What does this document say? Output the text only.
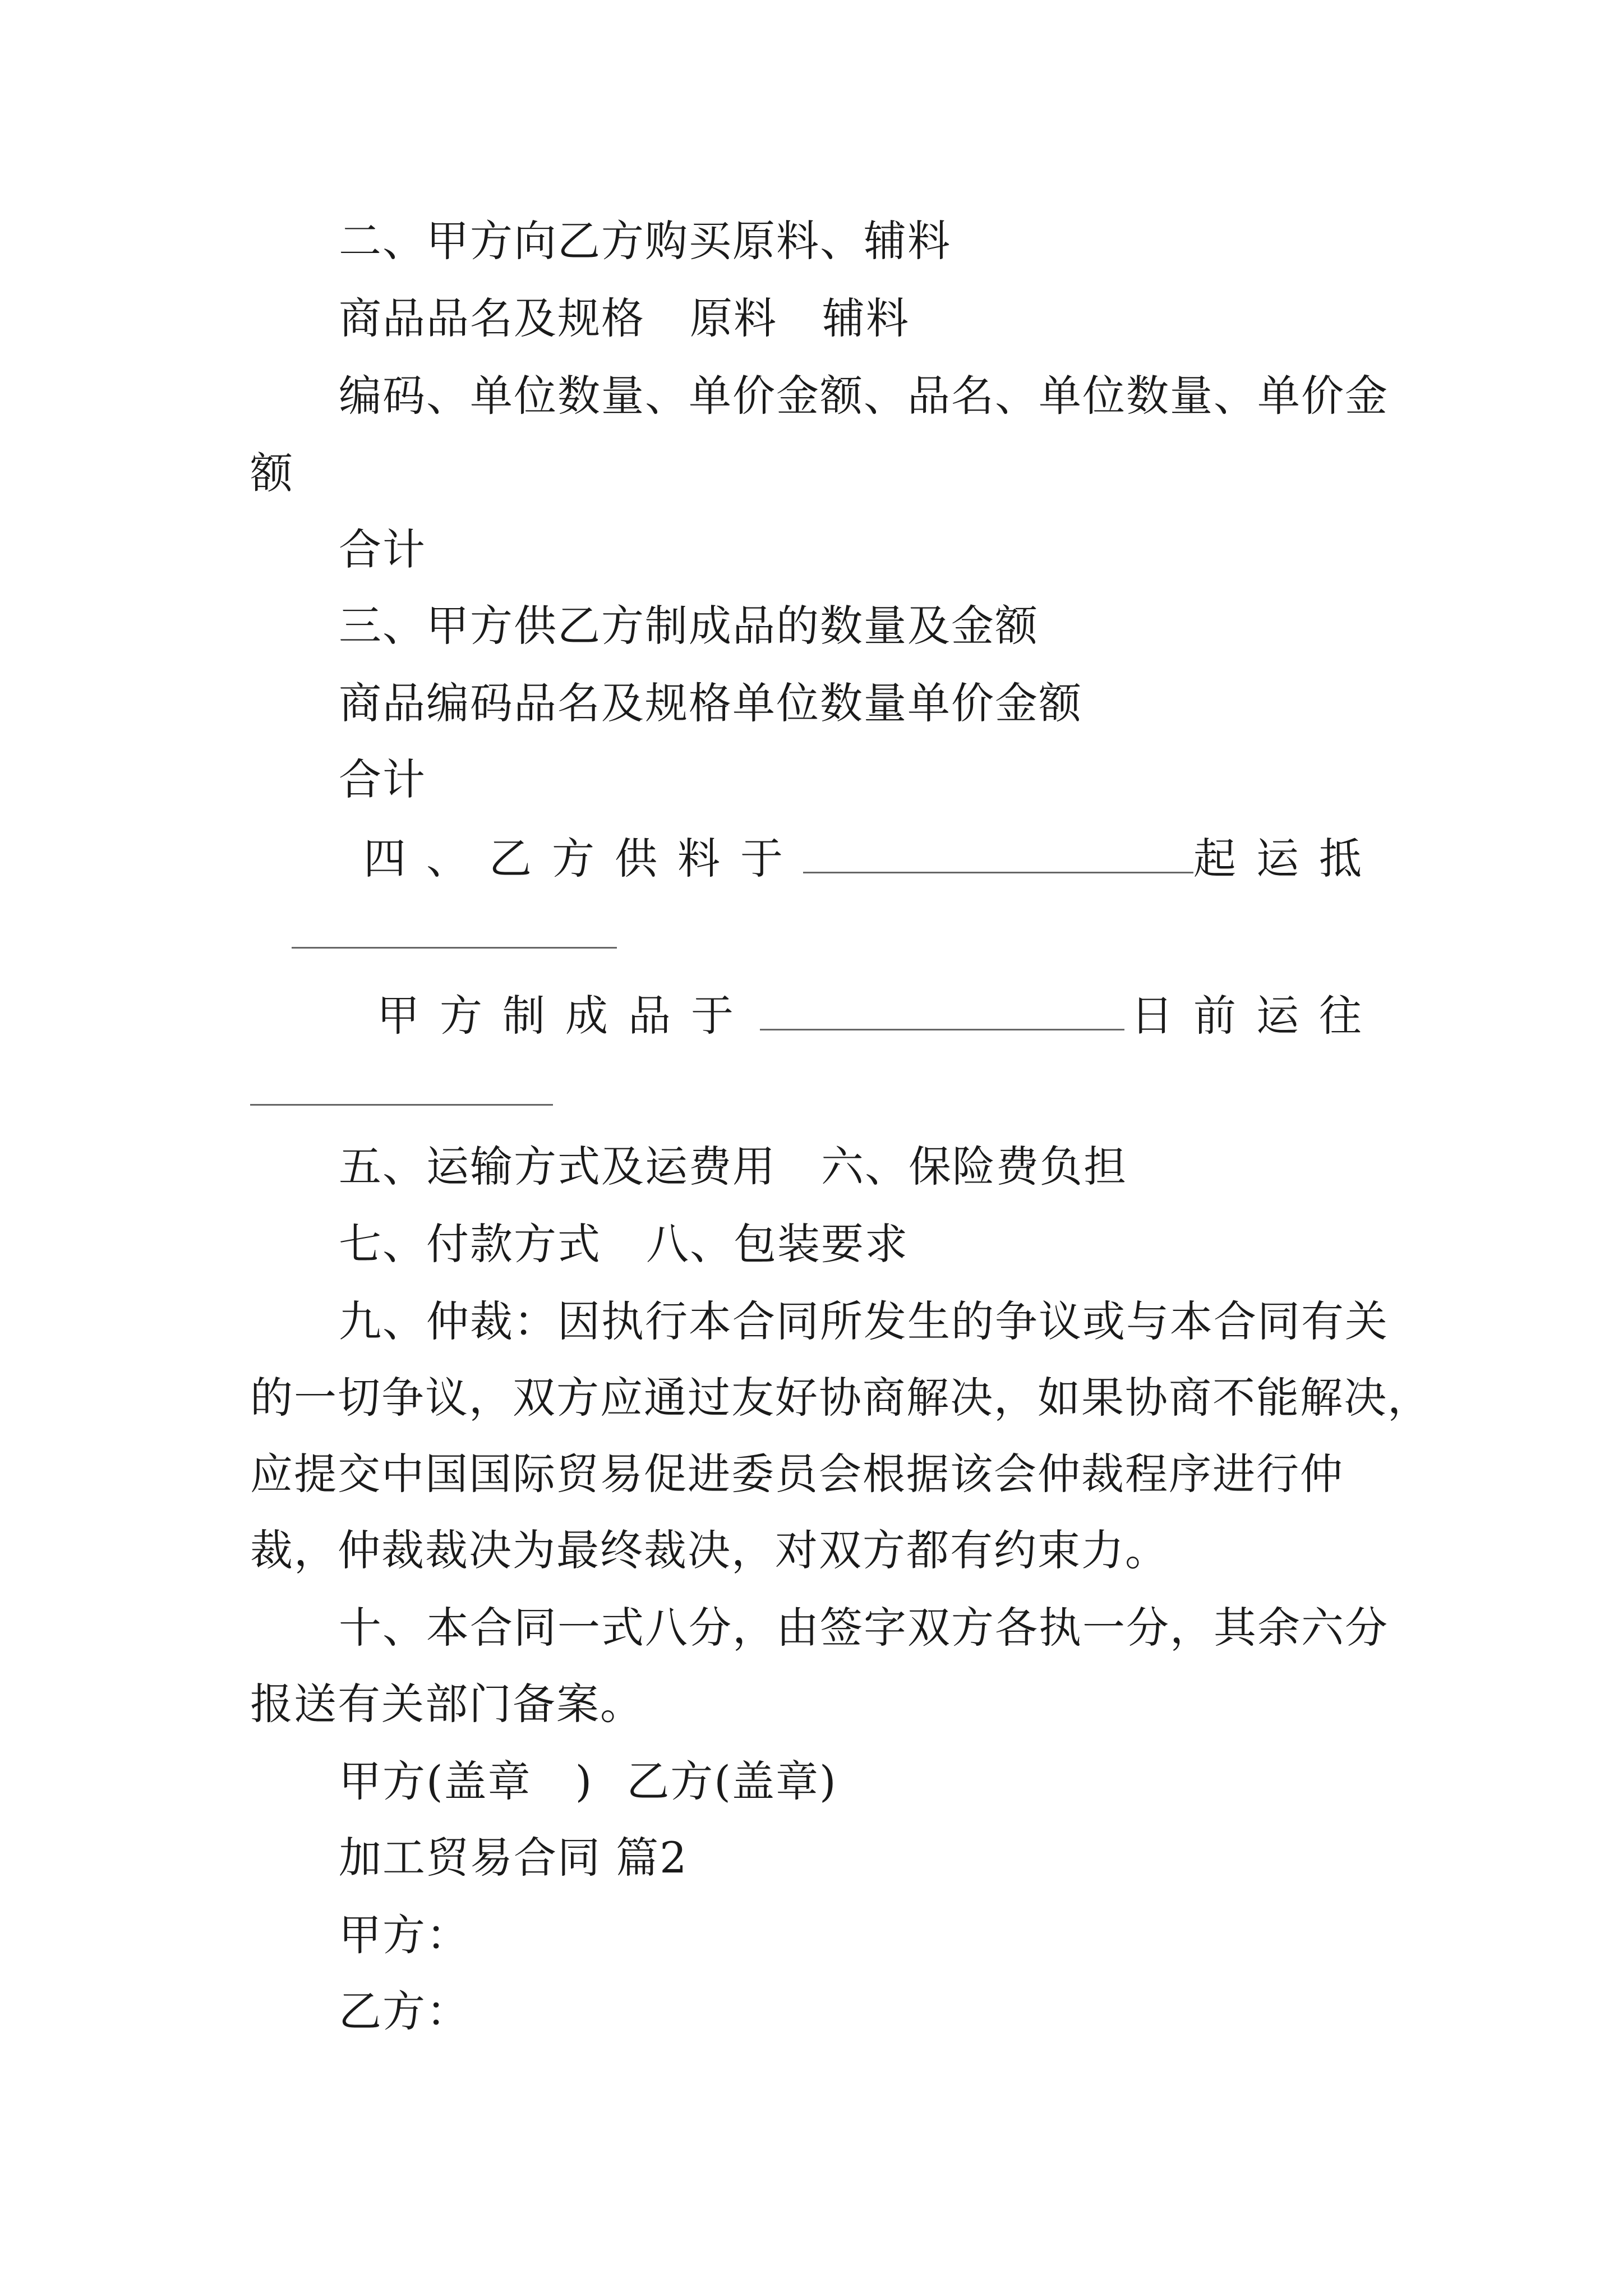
二、甲方向乙方购买原料、辅料
商品品名及规格 原料 辅料
编码、单位数量、单价金额、品名、单位数量、单价金
额
合计
三、甲方供乙方制成品的数量及金额
商品编码品名及规格单位数量单价金额
合计
四、乙方供料于	起运抵
甲方制成品于	日前运往
五、运输方式及运费用 六、保险费负担
七、付款方式 八、包装要求
九、仲裁：因执行本合同所发生的争议或与本合同有关
的一切争议，双方应通过友好协商解决，如果协商不能解决，
应提交中国国际贸易促进委员会根据该会仲裁程序进行仲
裁，仲裁裁决为最终裁决，对双方都有约束力。
十、本合同一式八分，由签字双方各执一分，其余六分
报送有关部门备案。
甲方(盖章　) 乙方(盖章)
加工贸易合同 篇2
甲方：
乙方：
